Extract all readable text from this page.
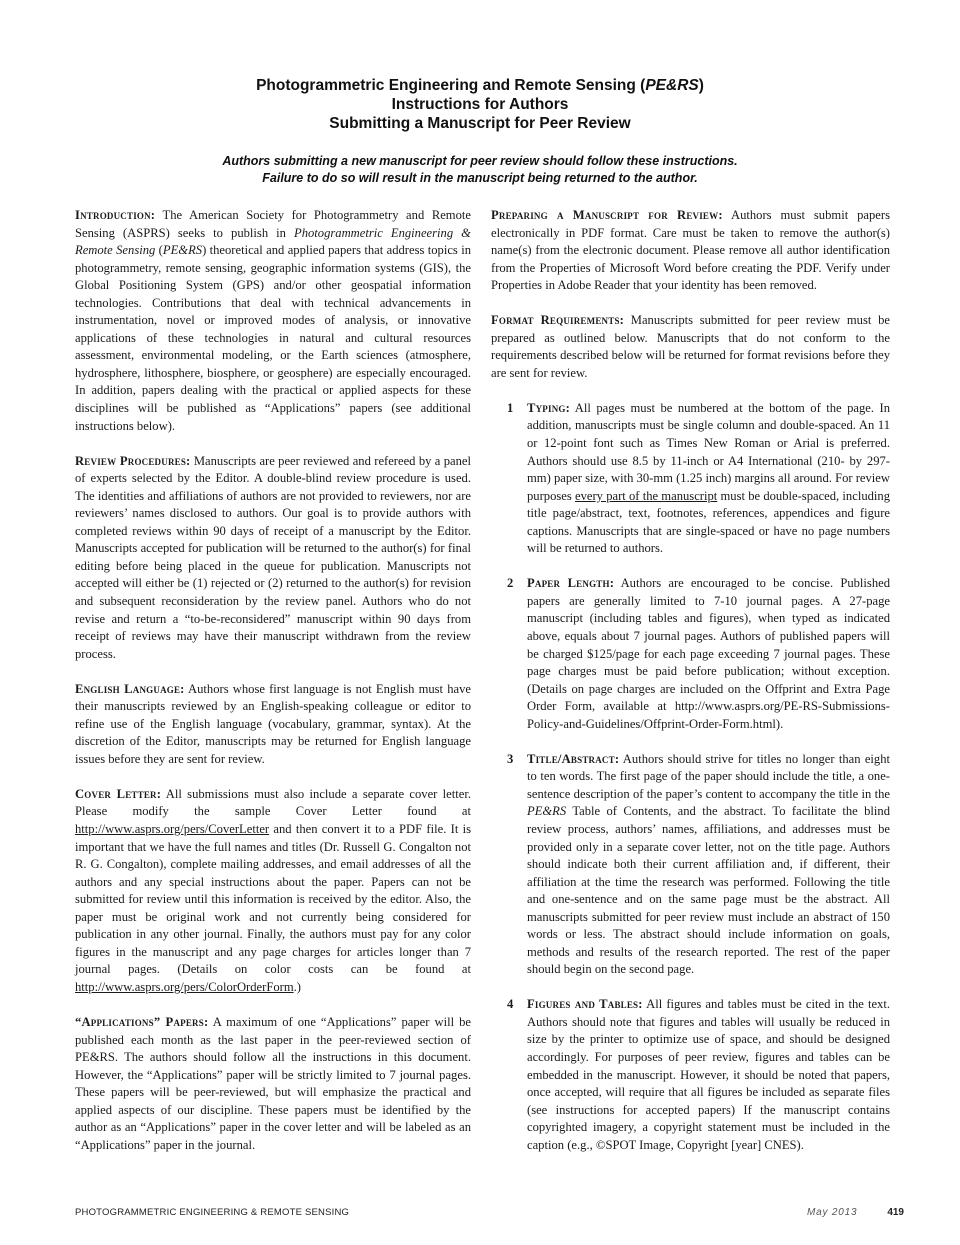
Photogrammetric Engineering and Remote Sensing (PE&RS)
Instructions for Authors
Submitting a Manuscript for Peer Review
Authors submitting a new manuscript for peer review should follow these instructions.
Failure to do so will result in the manuscript being returned to the author.

Introduction: The American Society for Photogrammetry and Remote Sensing (ASPRS) seeks to publish in Photogrammetric Engineering & Remote Sensing (PE&RS) theoretical and applied papers that address topics in photogrammetry, remote sensing, geographic information systems (GIS), the Global Positioning System (GPS) and/or other geospatial information technologies. Contributions that deal with technical advancements in instrumentation, novel or improved modes of analysis, or innovative applications of these technologies in natural and cultural resources assessment, environmental modeling, or the Earth sciences (atmosphere, hydrosphere, lithosphere, biosphere, or geosphere) are especially encouraged. In addition, papers dealing with the practical or applied aspects for these disciplines will be published as “Applications” papers (see additional instructions below).

Review Procedures: Manuscripts are peer reviewed and refereed by a panel of experts selected by the Editor. A double-blind review procedure is used. The identities and affiliations of authors are not provided to reviewers, nor are reviewers’ names disclosed to authors. Our goal is to provide authors with completed reviews within 90 days of receipt of a manuscript by the Editor. Manuscripts accepted for publication will be returned to the author(s) for final editing before being placed in the queue for publication. Manuscripts not accepted will either be (1) rejected or (2) returned to the author(s) for revision and subsequent reconsideration by the review panel. Authors who do not revise and return a “to-be-reconsidered” manuscript within 90 days from receipt of reviews may have their manuscript withdrawn from the review process.

English Language: Authors whose first language is not English must have their manuscripts reviewed by an English-speaking colleague or editor to refine use of the English language (vocabulary, grammar, syntax). At the discretion of the Editor, manuscripts may be returned for English language issues before they are sent for review.

Cover Letter: All submissions must also include a separate cover letter. Please modify the sample Cover Letter found at http://www.asprs.org/pers/CoverLetter and then convert it to a PDF file. It is important that we have the full names and titles (Dr. Russell G. Congalton not R. G. Congalton), complete mailing addresses, and email addresses of all the authors and any special instructions about the paper. Papers can not be submitted for review until this information is received by the editor. Also, the paper must be original work and not currently being considered for publication in any other journal. Finally, the authors must pay for any color figures in the manuscript and any page charges for articles longer than 7 journal pages. (Details on color costs can be found at http://www.asprs.org/pers/ColorOrderForm.)

“Applications” Papers: A maximum of one “Applications” paper will be published each month as the last paper in the peer-reviewed section of PE&RS. The authors should follow all the instructions in this document. However, the “Applications” paper will be strictly limited to 7 journal pages. These papers will be peer-reviewed, but will emphasize the practical and applied aspects of our discipline. These papers must be identified by the author as an “Applications” paper in the cover letter and will be labeled as an “Applications” paper in the journal.

Preparing a Manuscript for Review: Authors must submit papers electronically in PDF format. Care must be taken to remove the author(s) name(s) from the electronic document. Please remove all author identification from the Properties of Microsoft Word before creating the PDF. Verify under Properties in Adobe Reader that your identity has been removed.

Format Requirements: Manuscripts submitted for peer review must be prepared as outlined below. Manuscripts that do not conform to the requirements described below will be returned for format revisions before they are sent for review.

1 Typing: All pages must be numbered at the bottom of the page. In addition, manuscripts must be single column and double-spaced. An 11 or 12-point font such as Times New Roman or Arial is preferred. Authors should use 8.5 by 11-inch or A4 International (210- by 297-mm) paper size, with 30-mm (1.25 inch) margins all around. For review purposes every part of the manuscript must be double-spaced, including title page/abstract, text, footnotes, references, appendices and figure captions. Manuscripts that are single-spaced or have no page numbers will be returned to authors.
2 Paper Length: Authors are encouraged to be concise. Published papers are generally limited to 7-10 journal pages. A 27-page manuscript (including tables and figures), when typed as indicated above, equals about 7 journal pages. Authors of published papers will be charged $125/page for each page exceeding 7 journal pages. These page charges must be paid before publication; without exception. (Details on page charges are included on the Offprint and Extra Page Order Form, available at http://www.asprs.org/PE-RS-Submissions-Policy-and-Guidelines/Offprint-Order-Form.html).
3 Title/Abstract: Authors should strive for titles no longer than eight to ten words. The first page of the paper should include the title, a one-sentence description of the paper’s content to accompany the title in the PE&RS Table of Contents, and the abstract. To facilitate the blind review process, authors’ names, affiliations, and addresses must be provided only in a separate cover letter, not on the title page. Authors should indicate both their current affiliation and, if different, their affiliation at the time the research was performed. Following the title and one-sentence and on the same page must be the abstract. All manuscripts submitted for peer review must include an abstract of 150 words or less. The abstract should include information on goals, methods and results of the research reported. The rest of the paper should begin on the second page.
4 Figures and Tables: All figures and tables must be cited in the text. Authors should note that figures and tables will usually be reduced in size by the printer to optimize use of space, and should be designed accordingly. For purposes of peer review, figures and tables can be embedded in the manuscript. However, it should be noted that papers, once accepted, will require that all figures be included as separate files (see instructions for accepted papers) If the manuscript contains copyrighted imagery, a copyright statement must be included in the caption (e.g., ©SPOT Image, Copyright [year] CNES).
PHOTOGRAMMETRIC ENGINEERING & REMOTE SENSING	May 2013	419
